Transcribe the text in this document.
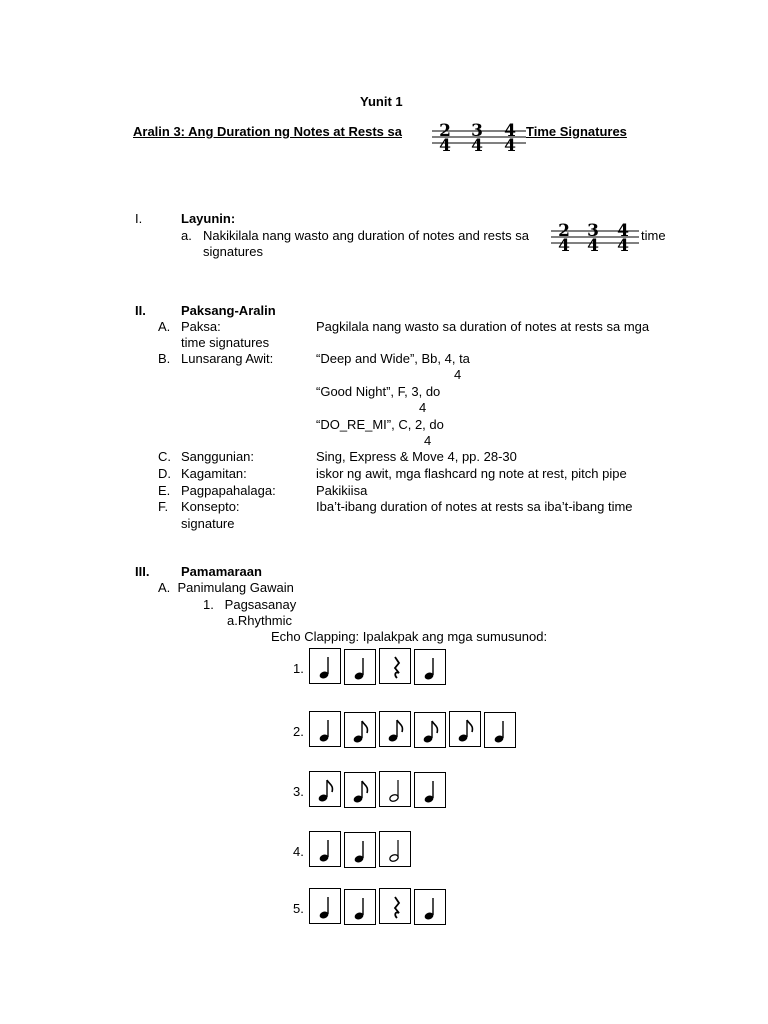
Yunit 1
Aralin 3: Ang Duration ng Notes at Rests sa 2
4
3
4
4
4
Time Signatures
I.	Layunin:
a. Nakikilala nang wasto ang duration of notes and rests sa 2
4
3
4
4
4
time
signatures
II.	Paksang-Aralin
A. Paksa:	Pagkilala nang wasto sa duration of notes at rests sa mga
time signatures
B. Lunsarang Awit:	“Deep and Wide”, Bb, 4, ta
4
“Good Night”, F, 3, do
4
“DO_RE_MI”, C, 2, do
4
C. Sanggunian:	Sing, Express & Move 4, pp. 28-30
D. Kagamitan:	iskor ng awit, mga flashcard ng note at rest, pitch pipe
E. Pagpapahalaga:	Pakikiisa
F. Konsepto:	Iba’t-ibang duration of notes at rests sa iba’t-ibang time
signature
III. Pamamaraan
A.  Panimulang Gawain
1.   Pagsasanay
a.Rhythmic
Echo Clapping: Ipalakpak ang mga sumusunod:
1.
2.
3.
4.
5.
